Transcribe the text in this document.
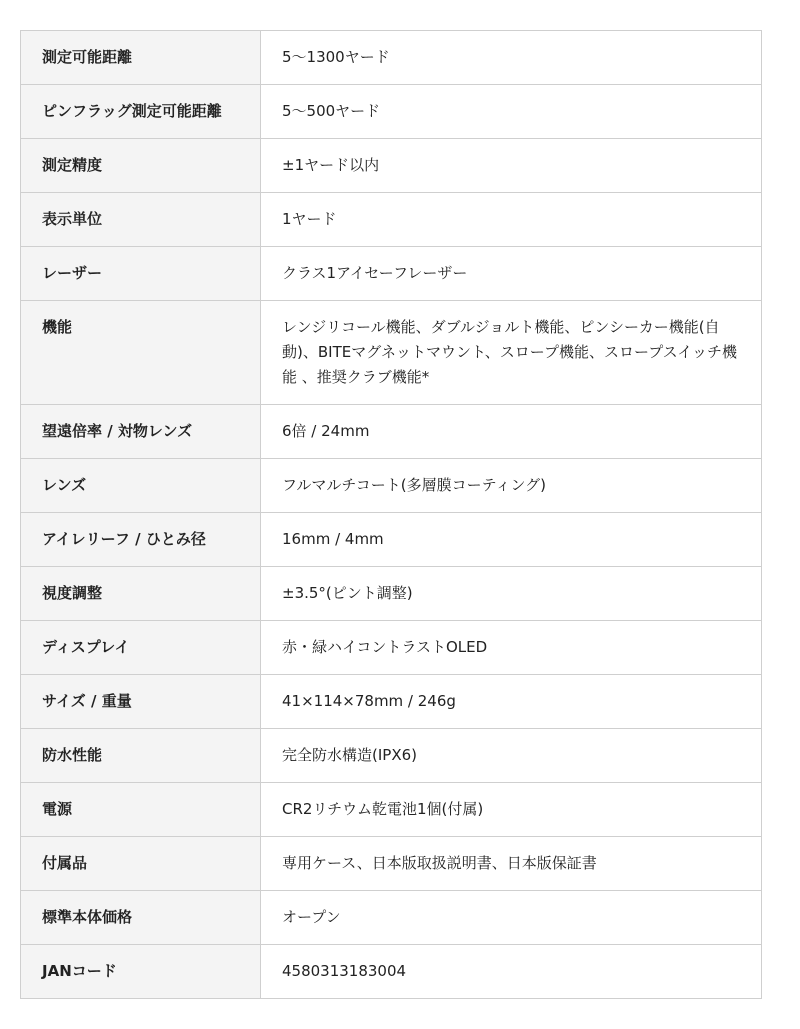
測定可能距離	5〜1300ヤード
ピンフラッグ測定可能距離	5〜500ヤード
測定精度	±1ヤード以内
表示単位	1ヤード
レーザー	クラス1アイセーフレーザー
機能	レンジリコール機能、ダブルジョルト機能、ピンシーカー機能(自動)、BITEマグネットマウント、スロープ機能、スロープスイッチ機能 、推奨クラブ機能*
望遠倍率 / 対物レンズ	6倍 / 24mm
レンズ	フルマルチコート(多層膜コーティング)
アイレリーフ / ひとみ径	16mm / 4mm
視度調整	±3.5°(ピント調整)
ディスプレイ	赤・緑ハイコントラストOLED
サイズ / 重量	41×114×78mm / 246g
防水性能	完全防水構造(IPX6)
電源	CR2リチウム乾電池1個(付属)
付属品	専用ケース、日本版取扱説明書、日本版保証書
標準本体価格	オープン
JANコード	4580313183004
